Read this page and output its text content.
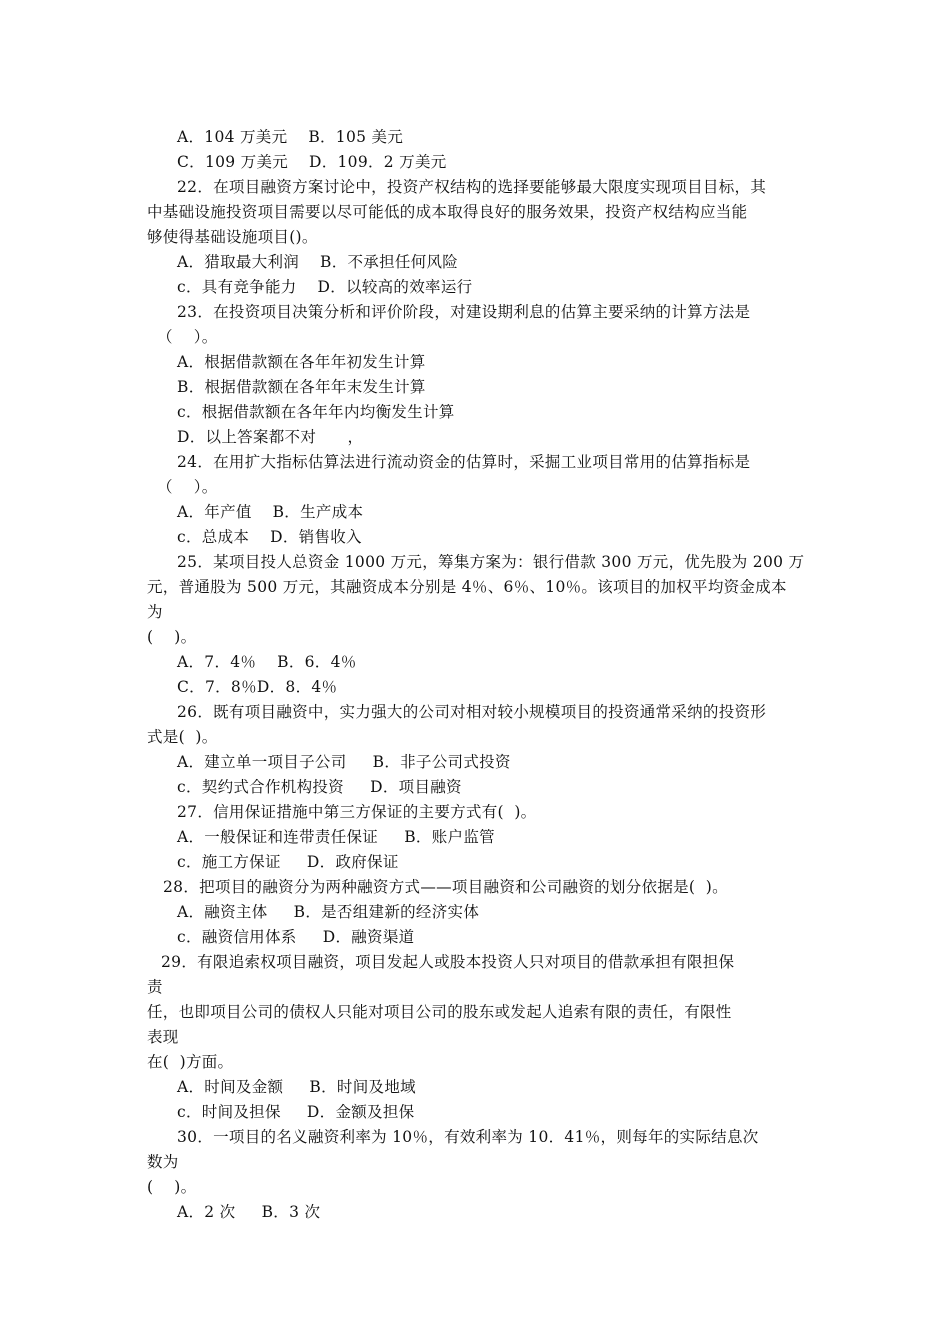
A．104 万美元    B．105 美元
C．109 万美元    D．109．2 万美元
22．在项目融资方案讨论中，投资产权结构的选择要能够最大限度实现项目目标，其
中基础设施投资项目需要以尽可能低的成本取得良好的服务效果，投资产权结构应当能
够使得基础设施项目()。
A．猎取最大利润    B．不承担任何风险
c．具有竞争能力    D．以较高的效率运行
23．在投资项目决策分析和评价阶段，对建设期利息的估算主要采纳的计算方法是
（    ）。
A．根据借款额在各年年初发生计算
B．根据借款额在各年年末发生计算
c．根据借款额在各年年内均衡发生计算
D．以上答案都不对      ，
24．在用扩大指标估算法进行流动资金的估算时，采掘工业项目常用的估算指标是
（    ）。
A．年产值    B．生产成本
c．总成本    D．销售收入
25．某项目投人总资金 1000 万元，筹集方案为：银行借款 300 万元，优先股为 200 万
元，普通股为 500 万元，其融资成本分别是 4％、6％、10％。该项目的加权平均资金成本
为
(    )。
A．7．4％    B．6．4％
C．7．8％D．8．4％
26．既有项目融资中，实力强大的公司对相对较小规模项目的投资通常采纳的投资形
式是(  )。
A．建立单一项目子公司     B．非子公司式投资
c．契约式合作机构投资     D．项目融资
27．信用保证措施中第三方保证的主要方式有(  )。
A．一般保证和连带责任保证     B．账户监管
c．施工方保证     D．政府保证
28．把项目的融资分为两种融资方式——项目融资和公司融资的划分依据是(  )。
A．融资主体     B．是否组建新的经济实体
c．融资信用体系     D．融资渠道
29．有限追索权项目融资，项目发起人或股本投资人只对项目的借款承担有限担保
责
任，也即项目公司的债权人只能对项目公司的股东或发起人追索有限的责任，有限性
表现
在(  )方面。
A．时间及金额     B．时间及地域
c．时间及担保     D．金额及担保
30．一项目的名义融资利率为 10％，有效利率为 10．41％，则每年的实际结息次
数为
(    )。
A．2 次     B．3 次
